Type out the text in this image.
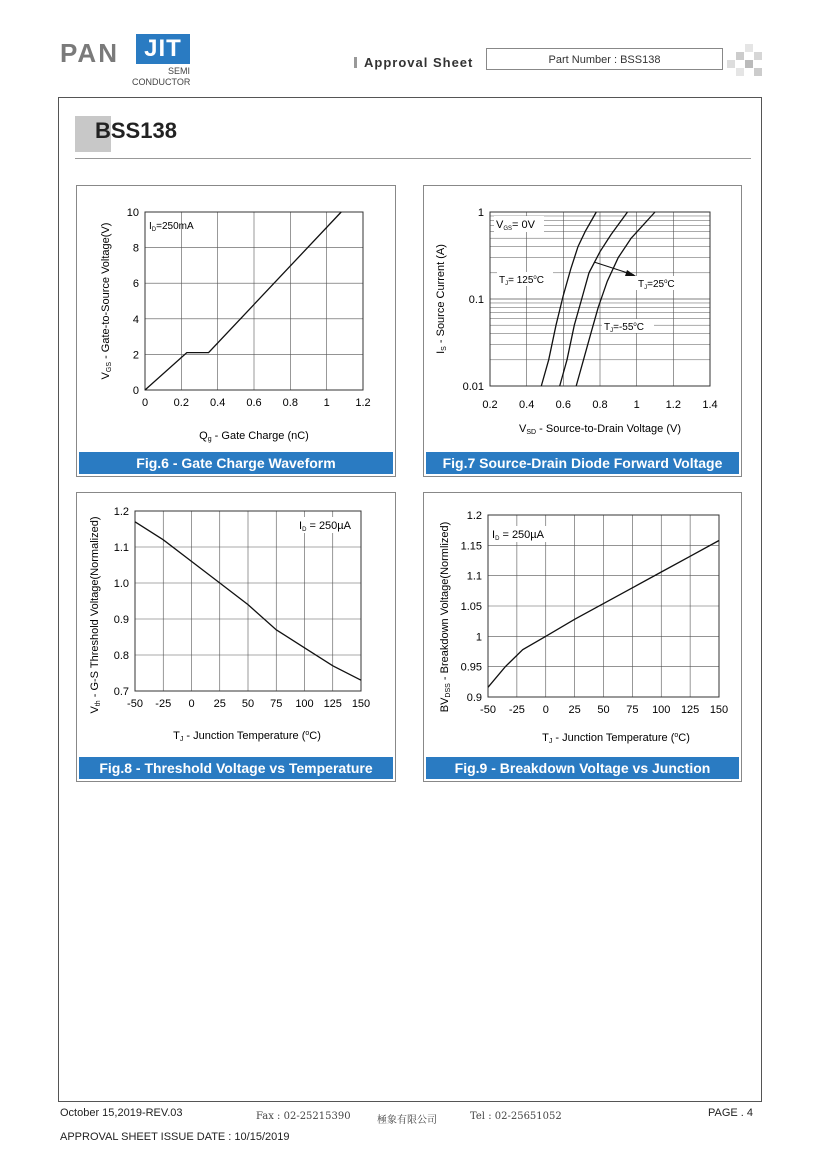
PAN	JIT
SEMI
CONDUCTOR
Approval Sheet	Part Number : BSS138
BSS138
0 0.2 0.4 0.6 0.8 1 1.2
0
2
4
6
8
10
$I_D=250mA$
Qg - Gate Charge (nC)
VGS - Gate-to-Source Voltage(V)
Fig.6 - Gate Charge Waveform
0.2 0.4 0.6 0.8 1 1.2 1.4
0.01
0.1
1
VGS= 0V
$T_J= 125^oC$	$T_J=25^oC$
$T_J=-55^oC$
VSD - Source-to-Drain Voltage (V)
IS - Source Current (A)
Fig.7 Source-Drain Diode Forward Voltage
-50 -25 0 25 50 75 100 125 150
0.7
0.8
0.9
1.0
1.1
1.2
ID = 250µA
TJ - Junction Temperature ($^o$C)
Vth - G-S Threshold Voltage(Normalized)
Fig.8 - Threshold Voltage vs Temperature
-50 -25 0 25 50 75 100 125 150
0.9
0.95
1
1.05
1.1
1.15
1.2
ID = 250µA
TJ - Junction Temperature ($^o$C)
BVDSS - Breakdown Voltage(Normlized)
Fig.9 - Breakdown Voltage vs Junction Temperature
October 15,2019-REV.03	Fax : 02-25215390	極象有限公司	Tel : 02-25651052	PAGE . 4
APPROVAL SHEET ISSUE DATE : 10/15/2019
